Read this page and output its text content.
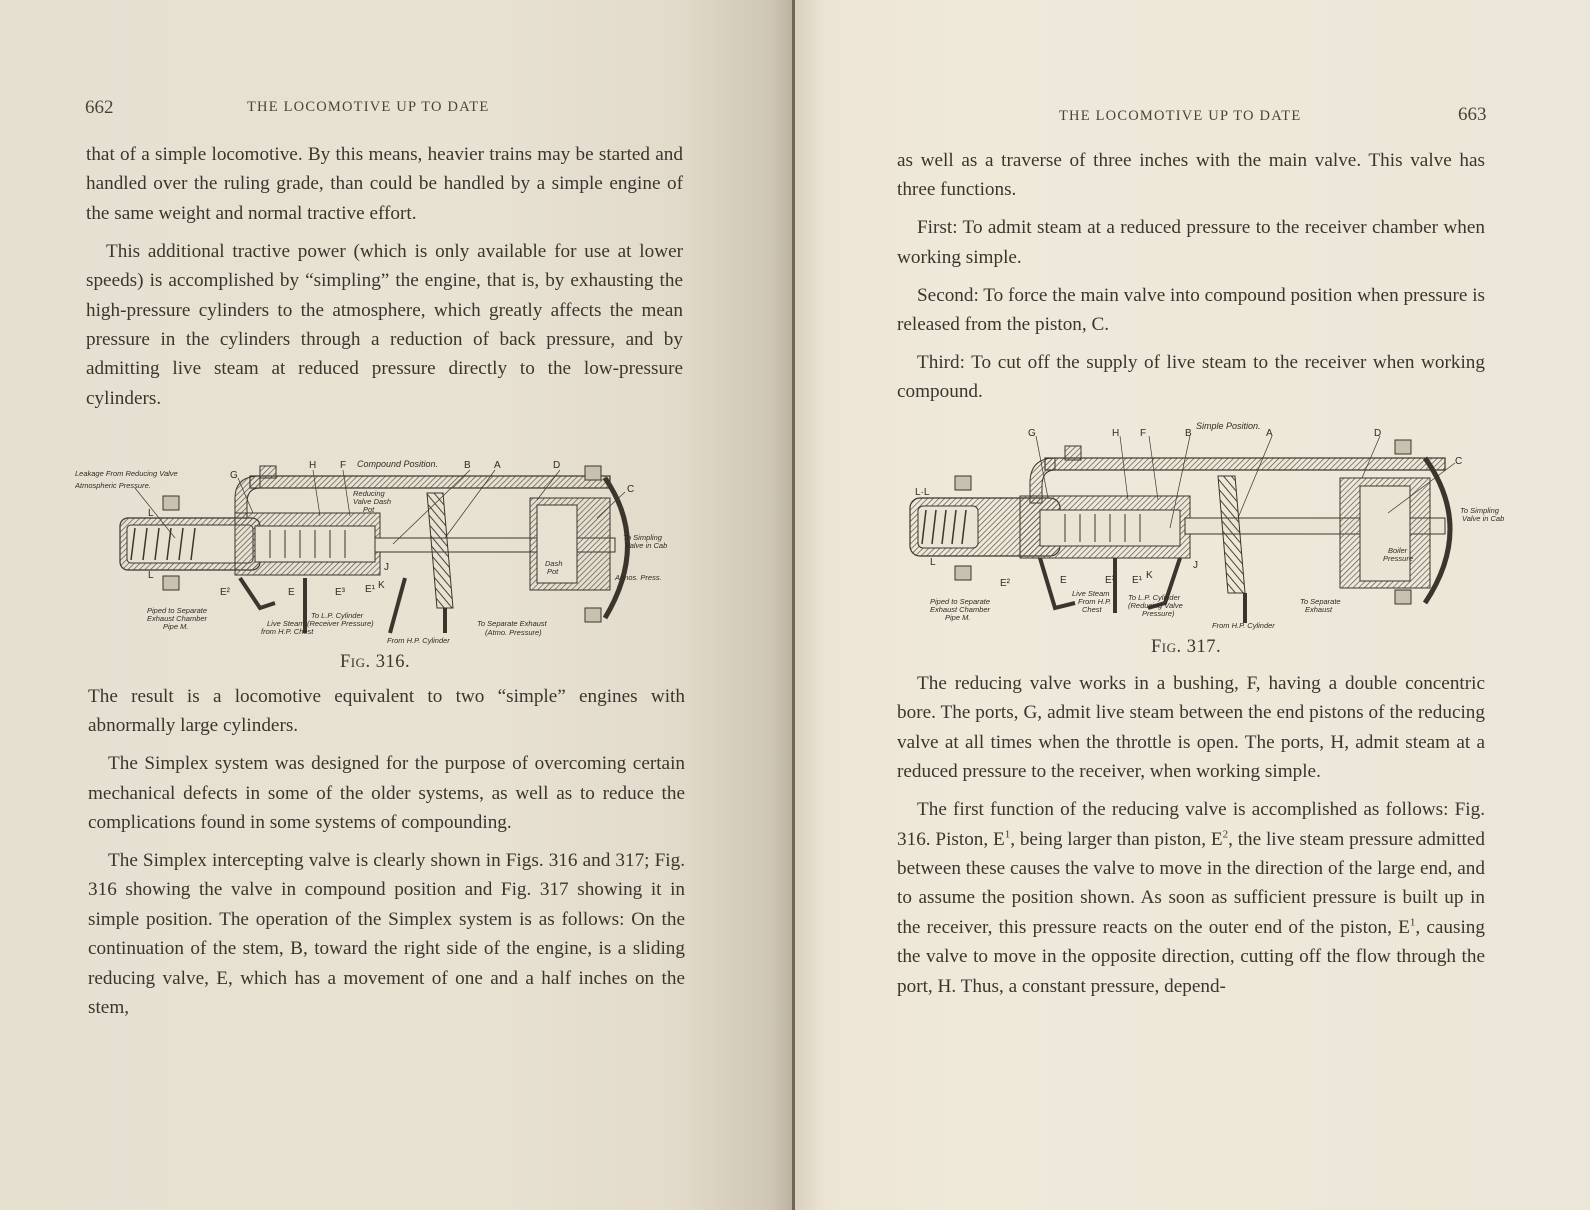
662	THE LOCOMOTIVE UP TO DATE

that of a simple locomotive. By this means, heavier trains may be started and handled over the ruling grade, than could be handled by a simple engine of the same weight and normal tractive effort.

This additional tractive power (which is only available for use at lower speeds) is accomplished by “simpling” the engine, that is, by exhausting the high-pressure cylinders to the atmosphere, which greatly affects the mean pressure in the cylinders through a reduction of back pressure, and by admitting live steam at reduced pressure directly to the low-pressure cylinders.

G
H F Compound Position.	B A	D
C
L
L
E²	E	E³ E¹ K
J
Leakage From Reducing Valve
Atmospheric Pressure.
Reducing
Valve Dash
Pot
Dash
Pot
To Simpling
Valve in Cab
Atmos. Press.
Piped to Separate
Exhaust Chamber
Pipe M.	Live Steam
from H.P. Chest
To L.P. Cylinder
(Receiver Pressure)
From H.P. Cylinder
To Separate Exhaust
(Atmo. Pressure)
Fig. 316.

The result is a locomotive equivalent to two “simple” engines with abnormally large cylinders.

The Simplex system was designed for the purpose of overcoming certain mechanical defects in some of the older systems, as well as to reduce the complications found in some systems of compounding.

The Simplex intercepting valve is clearly shown in Figs. 316 and 317; Fig. 316 showing the valve in compound position and Fig. 317 showing it in simple position. The operation of the Simplex system is as follows: On the continuation of the stem, B, toward the right side of the engine, is a sliding reducing valve, E, which has a movement of one and a half inches on the stem,

THE LOCOMOTIVE UP TO DATE	663

as well as a traverse of three inches with the main valve. This valve has three functions.

First: To admit steam at a reduced pressure to the receiver chamber when working simple.

Second: To force the main valve into compound position when pressure is released from the piston, C.

Third: To cut off the supply of live steam to the receiver when working compound.

G	H F	B
Simple Position.
A	D
C
L·L
L
E²	E	E³ E¹ K
J
To Simpling
Valve in Cab
Boiler
Pressure
Piped to Separate
Exhaust Chamber
Pipe M.
Live Steam
From H.P.
Chest
To L.P. Cylinder
(Reducing Valve
Pressure)
From H.P. Cylinder
To Separate
Exhaust
Fig. 317.

The reducing valve works in a bushing, F, having a double concentric bore. The ports, G, admit live steam between the end pistons of the reducing valve at all times when the throttle is open. The ports, H, admit steam at a reduced pressure to the receiver, when working simple.

The first function of the reducing valve is accomplished as follows: Fig. 316. Piston, $E^1$, being larger than piston, $E^2$, the live steam pressure admitted between these causes the valve to move in the direction of the large end, and to assume the position shown. As soon as sufficient pressure is built up in the receiver, this pressure reacts on the outer end of the piston, $E^1$, causing the valve to move in the opposite direction, cutting off the flow through the port, H. Thus, a constant pressure, depend-
